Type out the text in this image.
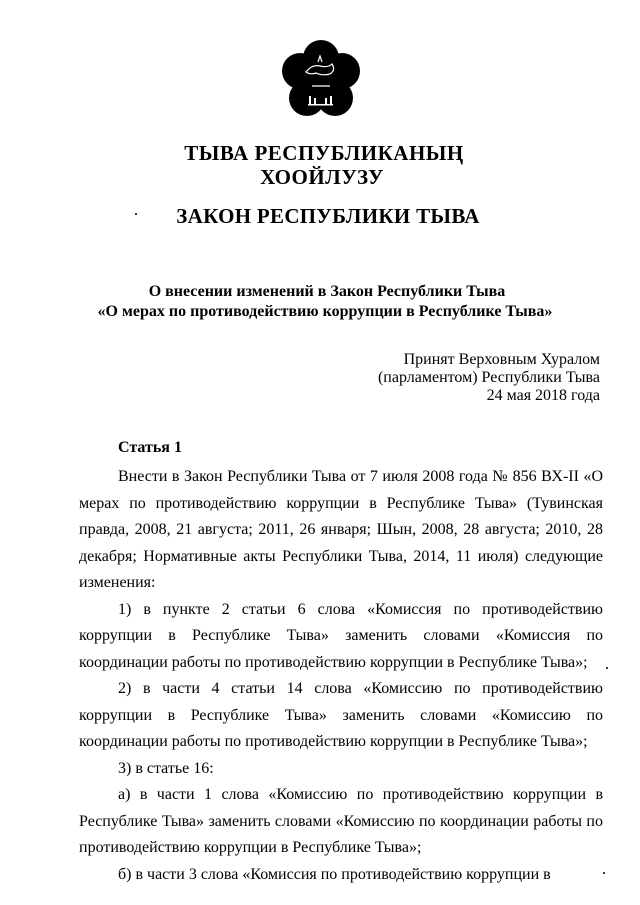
ТЫВА РЕСПУБЛИКАНЫҢ
ХООЙЛУЗУ
ЗАКОН РЕСПУБЛИКИ ТЫВА
О внесении изменений в Закон Республики Тыва
«О мерах по противодействию коррупции в Республике Тыва»
Принят Верховным Хуралом
(парламентом) Республики Тыва
24 мая 2018 года
Статья 1

Внести в Закон Республики Тыва от 7 июля 2008 года № 856 ВХ-II «О мерах по противодействию коррупции в Республике Тыва» (Тувинская правда, 2008, 21 августа; 2011, 26 января; Шын, 2008, 28 августа; 2010, 28 декабря; Нормативные акты Республики Тыва, 2014, 11 июля) следующие изменения:

1) в пункте 2 статьи 6 слова «Комиссия по противодействию коррупции в Республике Тыва» заменить словами «Комиссия по координации работы по противодействию коррупции в Республике Тыва»;

2) в части 4 статьи 14 слова «Комиссию по противодействию коррупции в Республике Тыва» заменить словами «Комиссию по координации работы по противодействию коррупции в Республике Тыва»;

3) в статье 16:

а) в части 1 слова «Комиссию по противодействию коррупции в Республике Тыва» заменить словами «Комиссию по координации работы по противодействию коррупции в Республике Тыва»;

б) в части 3 слова «Комиссия по противодействию коррупции в
